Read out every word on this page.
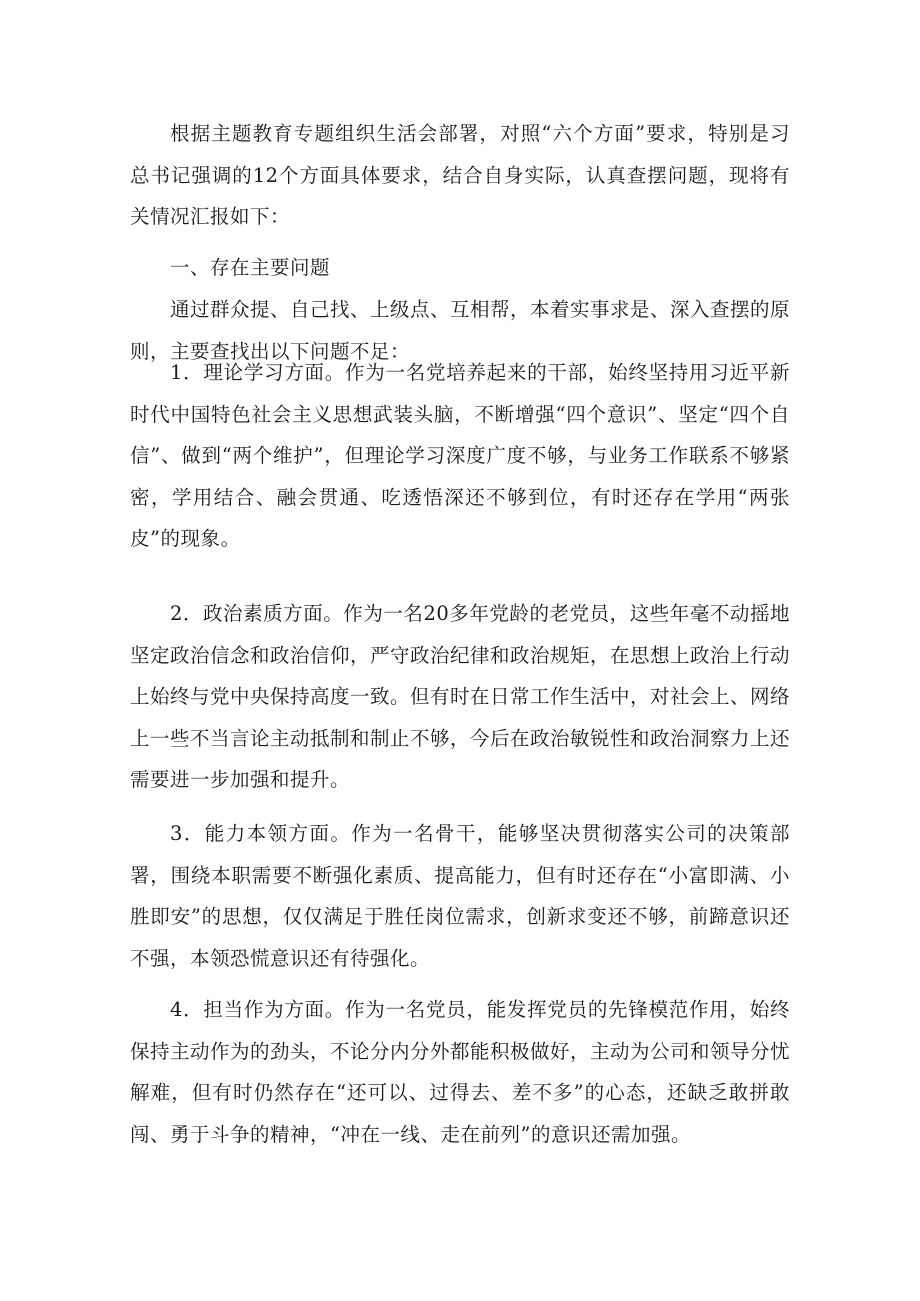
根据主题教育专题组织生活会部署，对照“六个方面”要求，特别是习总书记强调的12个方面具体要求，结合自身实际，认真查摆问题，现将有关情况汇报如下：

一、存在主要问题

通过群众提、自己找、上级点、互相帮，本着实事求是、深入查摆的原则，主要查找出以下问题不足：

1．理论学习方面。作为一名党培养起来的干部，始终坚持用习近平新时代中国特色社会主义思想武装头脑，不断增强“四个意识”、坚定“四个自信”、做到“两个维护”，但理论学习深度广度不够，与业务工作联系不够紧密，学用结合、融会贯通、吃透悟深还不够到位，有时还存在学用“两张皮”的现象。

2．政治素质方面。作为一名20多年党龄的老党员，这些年毫不动摇地坚定政治信念和政治信仰，严守政治纪律和政治规矩，在思想上政治上行动上始终与党中央保持高度一致。但有时在日常工作生活中，对社会上、网络上一些不当言论主动抵制和制止不够，今后在政治敏锐性和政治洞察力上还需要进一步加强和提升。

3．能力本领方面。作为一名骨干，能够坚决贯彻落实公司的决策部署，围绕本职需要不断强化素质、提高能力，但有时还存在“小富即满、小胜即安”的思想，仅仅满足于胜任岗位需求，创新求变还不够，前蹄意识还不强，本领恐慌意识还有待强化。

4．担当作为方面。作为一名党员，能发挥党员的先锋模范作用，始终保持主动作为的劲头，不论分内分外都能积极做好，主动为公司和领导分忧解难，但有时仍然存在“还可以、过得去、差不多”的心态，还缺乏敢拼敢闯、勇于斗争的精神，“冲在一线、走在前列”的意识还需加强。
